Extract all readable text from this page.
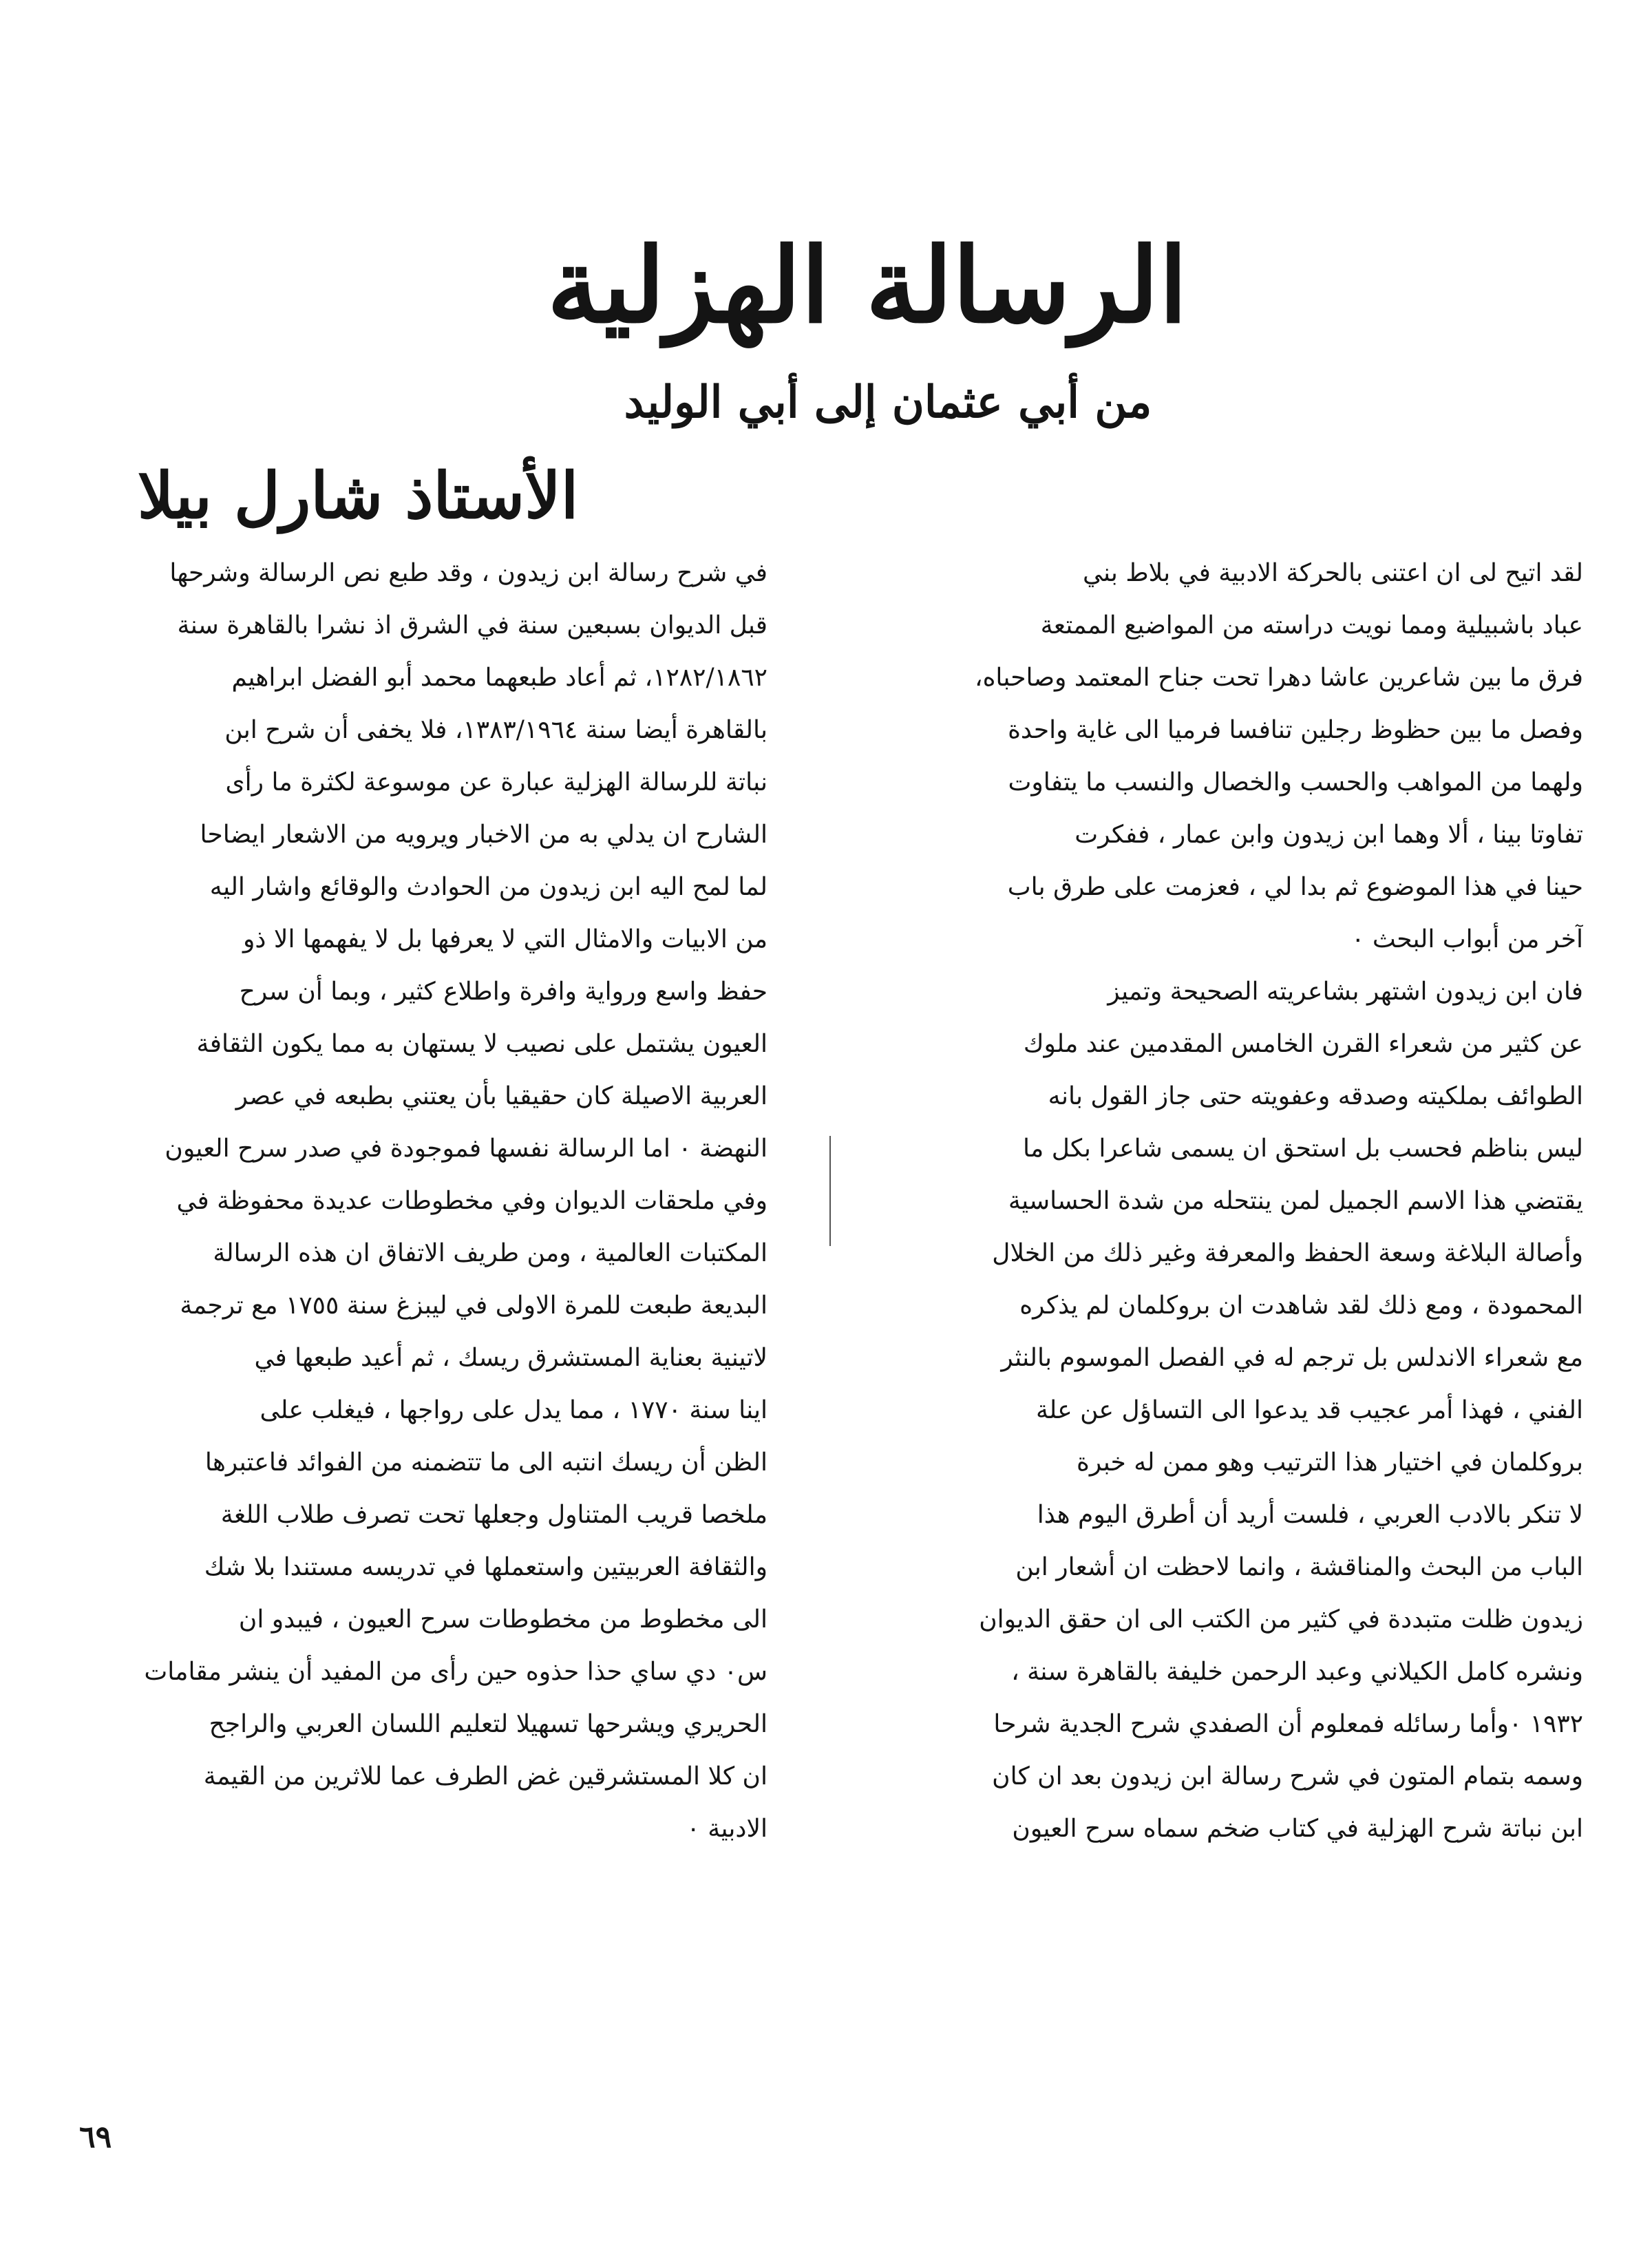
الرسالة الهزلية
من أبي عثمان إلى أبي الوليد
الأستاذ شارل بيلا
لقد اتيح لى ان اعتنى بالحركة الادبية في بلاط بني
عباد باشبيلية ومما نويت دراسته من المواضيع الممتعة
فرق ما بين شاعرين عاشا دهرا تحت جناح المعتمد وصاحباه،
وفصل ما بين حظوظ رجلين تنافسا فرميا الى غاية واحدة
ولهما من المواهب والحسب والخصال والنسب ما يتفاوت
تفاوتا بينا ، ألا وهما ابن زيدون وابن عمار ، ففكرت
حينا في هذا الموضوع ثم بدا لي ، فعزمت على طرق باب
آخر من أبواب البحث ٠
فان ابن زيدون اشتهر بشاعريته الصحيحة وتميز
عن كثير من شعراء القرن الخامس المقدمين عند ملوك
الطوائف بملكيته وصدقه وعفويته حتى جاز القول بانه
ليس بناظم فحسب بل استحق ان يسمى شاعرا بكل ما
يقتضي هذا الاسم الجميل لمن ينتحله من شدة الحساسية
وأصالة البلاغة وسعة الحفظ والمعرفة وغير ذلك من الخلال
المحمودة ، ومع ذلك لقد شاهدت ان بروكلمان لم يذكره
مع شعراء الاندلس بل ترجم له في الفصل الموسوم بالنثر
الفني ، فهذا أمر عجيب قد يدعوا الى التساؤل عن علة
بروكلمان في اختيار هذا الترتيب وهو ممن له خبرة
لا تنكر بالادب العربي ، فلست أريد أن أطرق اليوم هذا
الباب من البحث والمناقشة ، وانما لاحظت ان أشعار ابن
زيدون ظلت متبددة في كثير من الكتب الى ان حقق الديوان
ونشره كامل الكيلاني وعبد الرحمن خليفة بالقاهرة سنة ،
١٩٣٢ ٠وأما رسائله فمعلوم أن الصفدي شرح الجدية شرحا
وسمه بتمام المتون في شرح رسالة ابن زيدون بعد ان كان
ابن نباتة شرح الهزلية في كتاب ضخم سماه سرح العيون
في شرح رسالة ابن زيدون ، وقد طبع نص الرسالة وشرحها
قبل الديوان بسبعين سنة في الشرق اذ نشرا بالقاهرة سنة
١٢٨٢/١٨٦٢، ثم أعاد طبعهما محمد أبو الفضل ابراهيم
بالقاهرة أيضا سنة ١٣٨٣/١٩٦٤، فلا يخفى أن شرح ابن
نباتة للرسالة الهزلية عبارة عن موسوعة لكثرة ما رأى
الشارح ان يدلي به من الاخبار ويرويه من الاشعار ايضاحا
لما لمح اليه ابن زيدون من الحوادث والوقائع واشار اليه
من الابيات والامثال التي لا يعرفها بل لا يفهمها الا ذو
حفظ واسع ورواية وافرة واطلاع كثير ، وبما أن سرح
العيون يشتمل على نصيب لا يستهان به مما يكون الثقافة
العربية الاصيلة كان حقيقيا بأن يعتني بطبعه في عصر
النهضة ٠ اما الرسالة نفسها فموجودة في صدر سرح العيون
وفي ملحقات الديوان وفي مخطوطات عديدة محفوظة في
المكتبات العالمية ، ومن طريف الاتفاق ان هذه الرسالة
البديعة طبعت للمرة الاولى في ليبزغ سنة ١٧٥٥ مع ترجمة
لاتينية بعناية المستشرق ريسك ، ثم أعيد طبعها في
اينا سنة ١٧٧٠ ، مما يدل على رواجها ، فيغلب على
الظن أن ريسك انتبه الى ما تتضمنه من الفوائد فاعتبرها
ملخصا قريب المتناول وجعلها تحت تصرف طلاب اللغة
والثقافة العربيتين واستعملها في تدريسه مستندا بلا شك
الى مخطوط من مخطوطات سرح العيون ، فيبدو ان
س٠ دي ساي حذا حذوه حين رأى من المفيد أن ينشر مقامات
الحريري ويشرحها تسهيلا لتعليم اللسان العربي والراجح
ان كلا المستشرقين غض الطرف عما للاثرين من القيمة
الادبية ٠
٦٩
